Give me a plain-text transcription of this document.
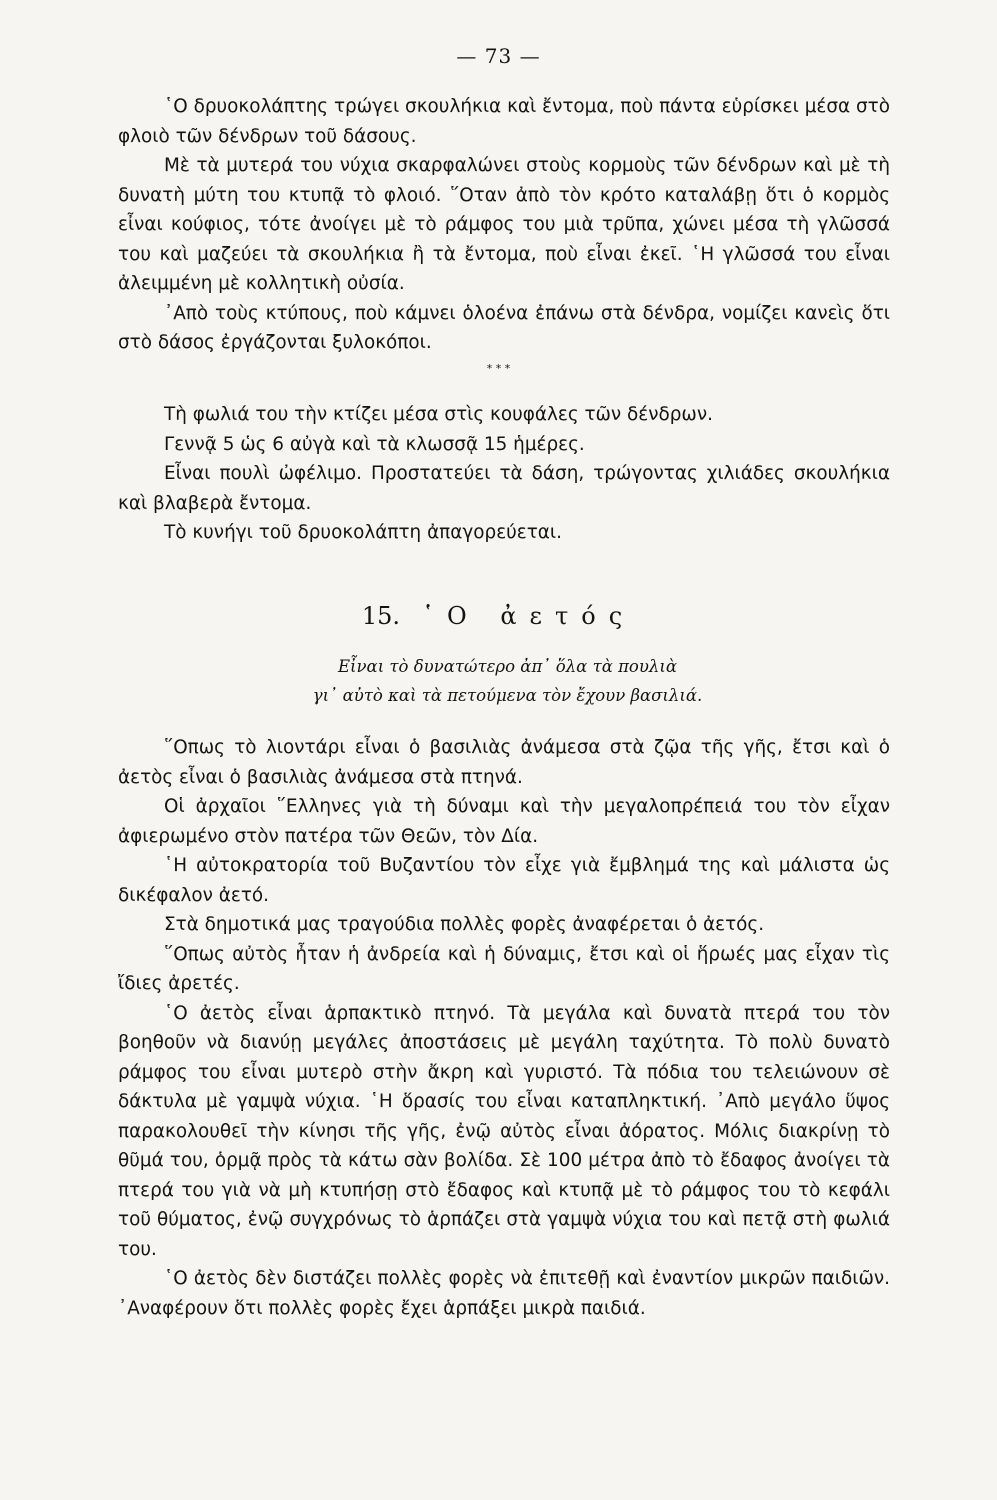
— 73 —

῾Ο δρυοκολάπτης τρώγει σκουλήκια καὶ ἔντομα, ποὺ πάντα εὑρίσκει μέσα στὸ φλοιὸ τῶν δένδρων τοῦ δάσους.

Μὲ τὰ μυτερά του νύχια σκαρφαλώνει στοὺς κορμοὺς τῶν δένδρων καὶ μὲ τὴ δυνατὴ μύτη του κτυπᾷ τὸ φλοιό. ῞Οταν ἀπὸ τὸν κρότο καταλάβῃ ὅτι ὁ κορμὸς εἶναι κούφιος, τότε ἀνοίγει μὲ τὸ ράμφος του μιὰ τρῦπα, χώνει μέσα τὴ γλῶσσά του καὶ μαζεύει τὰ σκουλήκια ἢ τὰ ἔντομα, ποὺ εἶναι ἐκεῖ. ῾Η γλῶσσά του εἶναι ἀλειμμένη μὲ κολλητικὴ οὐσία.

᾿Απὸ τοὺς κτύπους, ποὺ κάμνει ὁλοένα ἐπάνω στὰ δένδρα, νομίζει κανεὶς ὅτι στὸ δάσος ἐργάζονται ξυλοκόποι.

* * *

Τὴ φωλιά του τὴν κτίζει μέσα στὶς κουφάλες τῶν δένδρων.

Γεννᾷ 5 ὡς 6 αὐγὰ καὶ τὰ κλωσσᾷ 15 ἡμέρες.

Εἶναι πουλὶ ὠφέλιμο. Προστατεύει τὰ δάση, τρώγοντας χιλιάδες σκουλήκια καὶ βλαβερὰ ἔντομα.

Τὸ κυνήγι τοῦ δρυοκολάπτη ἀπαγορεύεται.

15. ῾Ο ἀετός
Εἶναι τὸ δυνατώτερο ἀπ᾿ ὅλα τὰ πουλιὰ
γι᾿ αὐτὸ καὶ τὰ πετούμενα τὸν ἔχουν βασιλιά.

῞Οπως τὸ λιοντάρι εἶναι ὁ βασιλιὰς ἀνάμεσα στὰ ζῷα τῆς γῆς, ἔτσι καὶ ὁ ἀετὸς εἶναι ὁ βασιλιὰς ἀνάμεσα στὰ πτηνά.

Οἱ ἀρχαῖοι ῞Ελληνες γιὰ τὴ δύναμι καὶ τὴν μεγαλοπρέπειά του τὸν εἶχαν ἀφιερωμένο στὸν πατέρα τῶν Θεῶν, τὸν Δία.

῾Η αὐτοκρατορία τοῦ Βυζαντίου τὸν εἶχε γιὰ ἔμβλημά της καὶ μάλιστα ὡς δικέφαλον ἀετό.

Στὰ δημοτικά μας τραγούδια πολλὲς φορὲς ἀναφέρεται ὁ ἀετός.

῞Οπως αὐτὸς ἦταν ἡ ἀνδρεία καὶ ἡ δύναμις, ἔτσι καὶ οἱ ἥρωές μας εἶχαν τὶς ἴδιες ἀρετές.

῾Ο ἀετὸς εἶναι ἁρπακτικὸ πτηνό. Τὰ μεγάλα καὶ δυνατὰ πτερά του τὸν βοηθοῦν νὰ διανύῃ μεγάλες ἀποστάσεις μὲ μεγάλη ταχύτητα. Τὸ πολὺ δυνατὸ ράμφος του εἶναι μυτερὸ στὴν ἄκρη καὶ γυριστό. Τὰ πόδια του τελειώνουν σὲ δάκτυλα μὲ γαμψὰ νύχια. ῾Η ὅρασίς του εἶναι καταπληκτική. ᾿Απὸ μεγάλο ὕψος παρακολουθεῖ τὴν κίνησι τῆς γῆς, ἐνῷ αὐτὸς εἶναι ἀόρατος. Μόλις διακρίνῃ τὸ θῦμά του, ὁρμᾷ πρὸς τὰ κάτω σὰν βολίδα. Σὲ 100 μέτρα ἀπὸ τὸ ἔδαφος ἀνοίγει τὰ πτερά του γιὰ νὰ μὴ κτυπήσῃ στὸ ἔδαφος καὶ κτυπᾷ μὲ τὸ ράμφος του τὸ κεφάλι τοῦ θύματος, ἐνῷ συγχρόνως τὸ ἁρπάζει στὰ γαμψὰ νύχια του καὶ πετᾷ στὴ φωλιά του.

῾Ο ἀετὸς δὲν διστάζει πολλὲς φορὲς νὰ ἐπιτεθῇ καὶ ἐναντίον μικρῶν παιδιῶν. ᾿Αναφέρουν ὅτι πολλὲς φορὲς ἔχει ἁρπάξει μικρὰ παιδιά.
